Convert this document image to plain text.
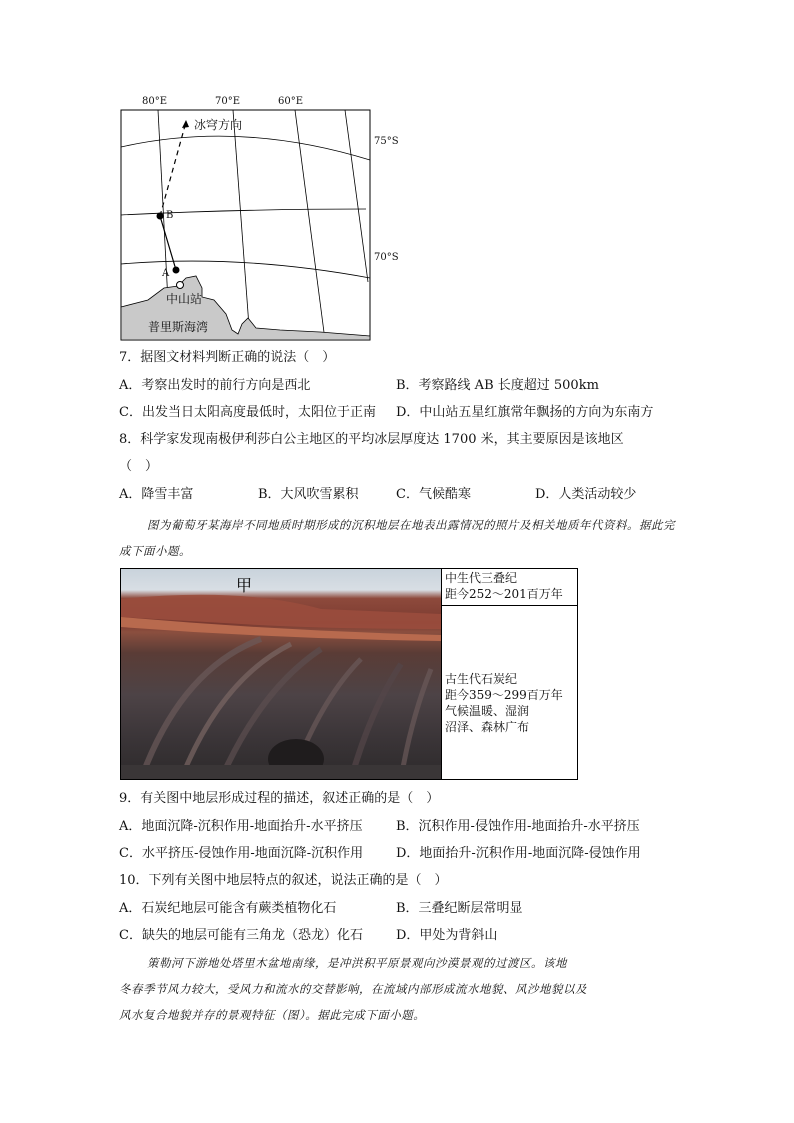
80°E	70°E	60°E
冰穹方向
B
A
中山站
普里斯海湾
75°S
70°S
7．据图文材料判断正确的说法（　）
A．考察出发时的前行方向是西北	B．考察路线 AB 长度超过 500km
C．出发当日太阳高度最低时，太阳位于正南 D．中山站五星红旗常年飘扬的方向为东南方
8．科学家发现南极伊利莎白公主地区的平均冰层厚度达 1700 米，其主要原因是该地区
（　）
A．降雪丰富	B．大风吹雪累积	C．气候酷寒	D．人类活动较少
图为葡萄牙某海岸不同地质时期形成的沉积地层在地表出露情况的照片及相关地质年代资料。据此完成下面小题。
甲	中生代三叠纪
距今252～201百万年
古生代石炭纪
距今359～299百万年
气候温暖、湿润
沼泽、森林广布
9．有关图中地层形成过程的描述，叙述正确的是（　）
A．地面沉降-沉积作用-地面抬升-水平挤压	B．沉积作用-侵蚀作用-地面抬升-水平挤压
C．水平挤压-侵蚀作用-地面沉降-沉积作用	D．地面抬升-沉积作用-地面沉降-侵蚀作用
10．下列有关图中地层特点的叙述，说法正确的是（　）
A．石炭纪地层可能含有蕨类植物化石	B．三叠纪断层常明显
C．缺失的地层可能有三角龙（恐龙）化石	D．甲处为背斜山
策勒河下游地处塔里木盆地南缘，是冲洪积平原景观向沙漠景观的过渡区。该地
冬春季节风力较大，受风力和流水的交替影响，在流域内部形成流水地貌、风沙地貌以及
风水复合地貌并存的景观特征（图）。据此完成下面小题。
